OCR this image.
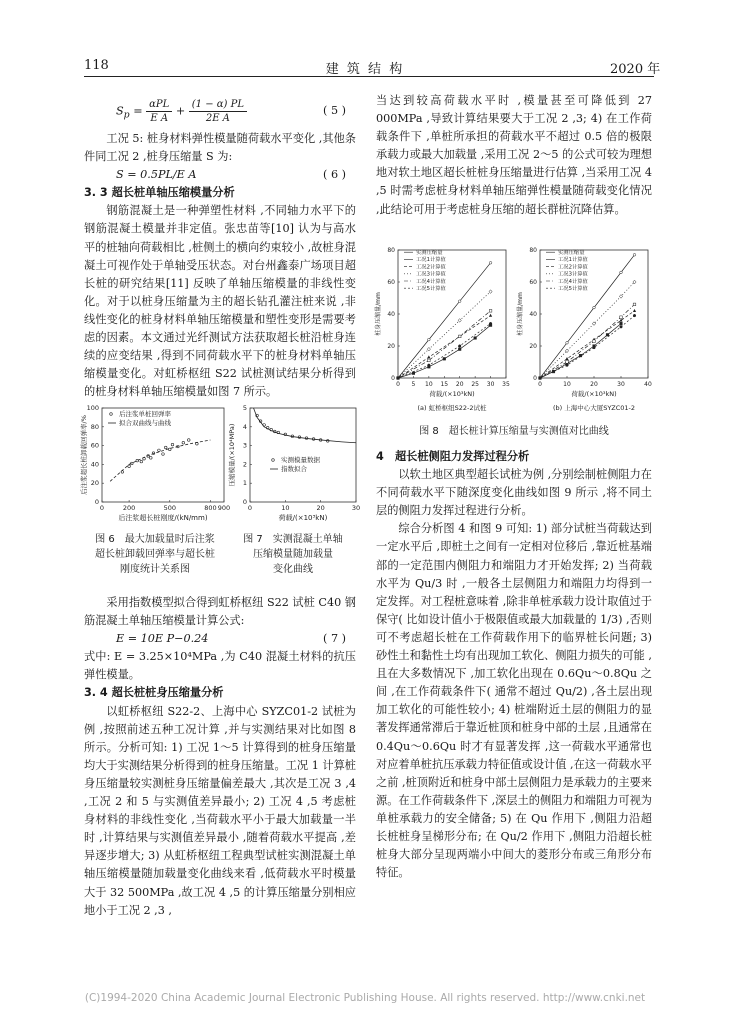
118	建 筑 结 构	2020 年
$S_p = \frac{\text{αPL}}{\text{E A}} + \frac{(1 - \alpha) PL}{\text{2E A}}$	( 5 )

工况 5: 桩身材料弹性模量随荷载水平变化 ,其他条件同工况 2 ,桩身压缩量 S 为:

S = 0.5PL/E A	( 6 )
3. 3 超长桩单轴压缩模量分析

钢筋混凝土是一种弹塑性材料 ,不同轴力水平下的钢筋混凝土模量并非定值。张忠苗等[10] 认为与高水平的桩轴向荷载相比 ,桩侧土的横向约束较小 ,故桩身混凝土可视作处于单轴受压状态。对台州鑫泰广场项目超长桩的研究结果[11] 反映了单轴压缩模量的非线性变化。对于以桩身压缩量为主的超长钻孔灌注桩来说 ,非线性变化的桩身材料单轴压缩模量和塑性变形是需要考虑的因素。本文通过光纤测试方法获取超长桩沿桩身连续的应变结果 ,得到不同荷载水平下的桩身材料单轴压缩模量变化。对虹桥枢纽 S22 试桩测试结果分析得到的桩身材料单轴压缩模量如图 7 所示。

0	200	500	800 900
0
20
40
60
80
100
后注浆超长桩刚度/(kN/mm)
后注浆超长桩卸载回弹率/%
后注浆单桩回弹率
拟合双曲线与曲线
0	10	20	30
0
1
2
3
4
5
荷载/(×10³kN)
压缩模量/(×10⁴MPa)	实测模量数据
指数拟合
图 6　最大加载量时后注浆
超长桩卸载回弹率与超长桩
刚度统计关系图
图 7　实测混凝土单轴
压缩模量随加载量
变化曲线

采用指数模型拟合得到虹桥枢纽 S22 试桩 C40 钢筋混凝土单轴压缩模量计算公式:

E = 10E P−0.24	( 7 )

式中: E = 3.25×10⁴MPa ,为 C40 混凝土材料的抗压弹性模量。

3. 4 超长桩桩身压缩量分析

以虹桥枢纽 S22-2、上海中心 SYZC01-2 试桩为例 ,按照前述五种工况计算 ,并与实测结果对比如图 8 所示。分析可知: 1) 工况 1～5 计算得到的桩身压缩量均大于实测结果分析得到的桩身压缩量。工况 1 计算桩身压缩量较实测桩身压缩量偏差最大 ,其次是工况 3 ,4 ,工况 2 和 5 与实测值差异最小; 2) 工况 4 ,5 考虑桩身材料的非线性变化 ,当荷载水平小于最大加载量一半时 ,计算结果与实测值差异最小 ,随着荷载水平提高 ,差异逐步增大; 3) 从虹桥枢纽工程典型试桩实测混凝土单轴压缩模量随加载量变化曲线来看 ,低荷载水平时模量大于 32 500MPa ,故工况 4 ,5 的计算压缩量分别相应地小于工况 2 ,3 ,

当达到较高荷载水平时 ,模量甚至可降低到 27 000MPa ,导致计算结果要大于工况 2 ,3; 4) 在工作荷载条件下 ,单桩所承担的荷载水平不超过 0.5 倍的极限承载力或最大加载量 ,采用工况 2～5 的公式可较为理想地对软土地区超长桩桩身压缩量进行估算 ,当采用工况 4 ,5 时需考虑桩身材料单轴压缩弹性模量随荷载变化情况 ,此结论可用于考虑桩身压缩的超长群桩沉降估算。

0 5 10 15 20 25 30 35
0
20
40
60
80
荷载/(×10³kN)
桩身压缩量/mm
(a) 虹桥枢纽S22-2试桩
实测压缩量
工况1计算值
工况2计算值
工况3计算值
工况4计算值
工况5计算值
0	10	20	30	40
0
20
40
60
80
荷载/(×10³kN)
桩身压缩量/mm
(b) 上海中心大厦SYZC01-2
实测压缩量
工况1计算值
工况2计算值
工况3计算值
工况4计算值
工况5计算值
图 8　超长桩计算压缩量与实测值对比曲线
4　超长桩侧阻力发挥过程分析

以软土地区典型超长试桩为例 ,分别绘制桩侧阻力在不同荷载水平下随深度变化曲线如图 9 所示 ,将不同土层的侧阻力发挥过程进行分析。

综合分析图 4 和图 9 可知: 1) 部分试桩当荷载达到一定水平后 ,即桩土之间有一定相对位移后 ,靠近桩基端部的一定范围内侧阻力和端阻力才开始发挥; 2) 当荷载水平为 Qu/3 时 ,一般各土层侧阻力和端阻力均得到一定发挥。对工程桩意味着 ,除非单桩承载力设计取值过于保守( 比如设计值小于极限值或最大加载量的 1/3) ,否则可不考虑超长桩在工作荷载作用下的临界桩长问题; 3) 砂性土和黏性土均有出现加工软化、侧阻力损失的可能 ,且在大多数情况下 ,加工软化出现在 0.6Qu～0.8Qu 之间 ,在工作荷载条件下( 通常不超过 Qu/2) ,各土层出现加工软化的可能性较小; 4) 桩端附近土层的侧阻力的显著发挥通常滞后于靠近桩顶和桩身中部的土层 ,且通常在 0.4Qu～0.6Qu 时才有显著发挥 ,这一荷载水平通常也对应着单桩抗压承载力特征值或设计值 ,在这一荷载水平之前 ,桩顶附近和桩身中部土层侧阻力是承载力的主要来源。在工作荷载条件下 ,深层土的侧阻力和端阻力可视为单桩承载力的安全储备; 5) 在 Qu 作用下 ,侧阻力沿超长桩桩身呈梯形分布; 在 Qu/2 作用下 ,侧阻力沿超长桩桩身大部分呈现两端小中间大的菱形分布或三角形分布特征。

(C)1994-2020 China Academic Journal Electronic Publishing House. All rights reserved. http://www.cnki.net
